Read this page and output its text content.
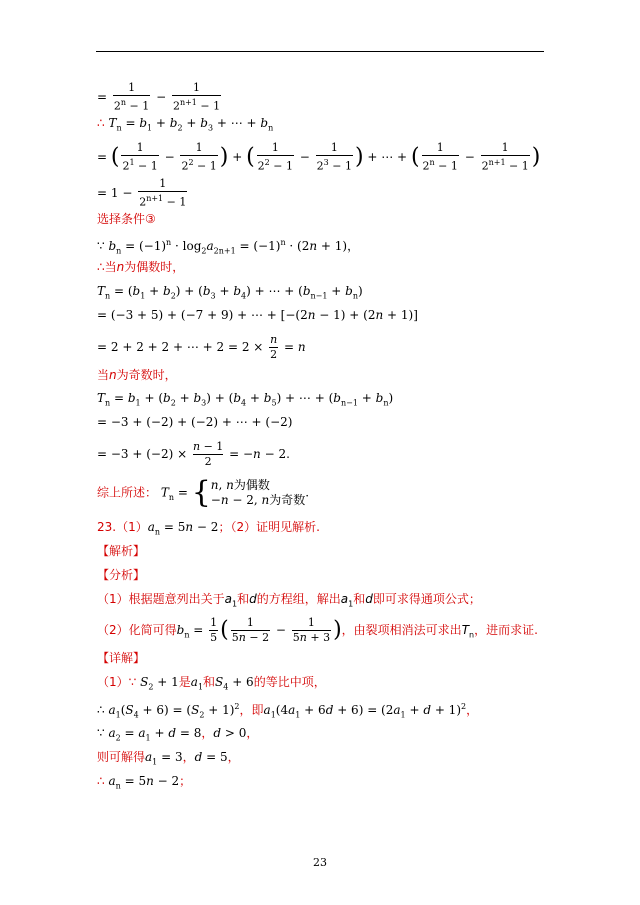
= $\frac{1}{2^n - 1} - \frac{1}{2^{n+1} - 1}$
∴ $T_n = b_1 + b_2 + b_3$ + ⋯ + $b_n$
= ( $\frac{1}{2^1 - 1} - \frac{1}{2^2 - 1}$ ) + ( $\frac{1}{2^2 - 1} - \frac{1}{2^3 - 1}$ ) + ⋯ + ( $\frac{1}{2^n - 1} - \frac{1}{2^{n+1} - 1}$ )
= $1 - \frac{1}{2^{n+1} - 1}$
选择条件③
∵ $b_n = (-1)^n \cdot \log_2a_{2n+1} = (-1)^n \cdot (2n + 1)$，
∴当n为偶数时，
$T_n = (b_1 + b_2) + (b_3 + b_4)$ + ⋯ + $(b_{n-1} + b_n)$
= (−3 + 5) + (−7 + 9) + ⋯ + [−(2n − 1) + (2n + 1)]
= 2 + 2 + 2 + ⋯ + $2 = 2 \times \frac{n}{2} = n$
当n为奇数时，
$T_n = b_1 + (b_2 + b_3) + (b_4 + b_5)$ + ⋯ + $(b_{n-1} + b_n)$
= −3 + (−2) + (−2) + ⋯ + (−2)
= $-3 + (-2) \times \frac{n - 1}{2} = -n - 2$.
综上所述： $T_n$ = { n, n为偶数
−n − 2, n为奇数
.
$23.(1)a_n = 5n - 2$；（2）证明见解析.
【解析】
【分析】
（1）根据题意列出关于$a_1$和d的方程组，解出$a_1$和d即可求得通项公式；
（2）化简可得$b_n = \frac{1}{5}$ ( $\frac{1}{5n - 2} - \frac{1}{5n + 3}$ )，由裂项相消法可求出$T_n$，进而求证.
【详解】
（1）∵ $S_2 + 1$是$a_1$和$S_4 + 6$的等比中项，
∴ $a_1(S_4 + 6) = (S_2 + 1)^2$，即$a_1(4a_1 + 6d + 6) = (2a_1 + d + 1)^2$，
∵ $a_2 = a_1 + d = 8$，d > 0，
则可解得$a_1 = 3$，d = 5，
∴ $a_n = 5n - 2$；
23
